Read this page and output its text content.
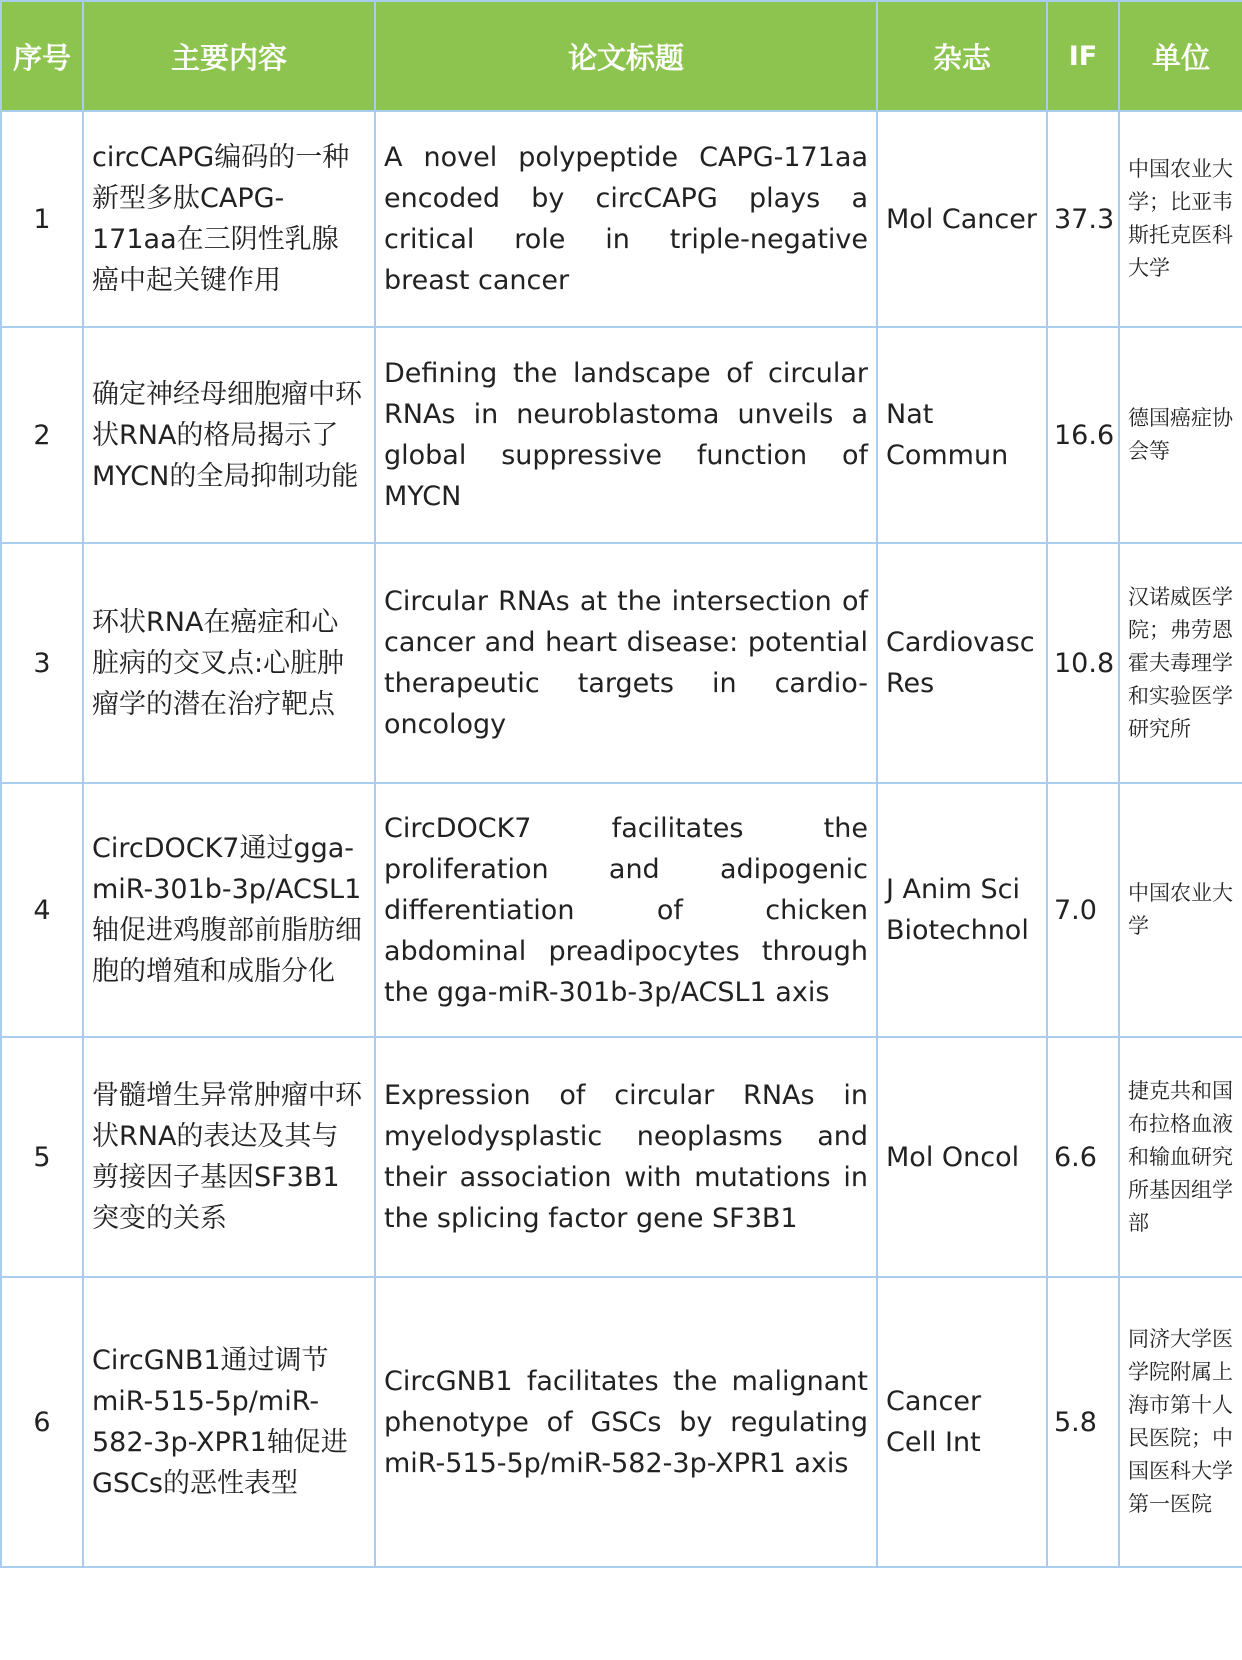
序号	主要内容	论文标题	杂志	IF	单位
1	circCAPG编码的一种新型多肽CAPG-171aa在三阴性乳腺癌中起关键作用	A novel polypeptide CAPG-171aa encoded by circCAPG plays a critical role in triple-negative breast cancer	Mol Cancer	37.3	中国农业大学；比亚韦斯托克医科大学
2	确定神经母细胞瘤中环状RNA的格局揭示了MYCN的全局抑制功能	Defining the landscape of circular RNAs in neuroblastoma unveils a global suppressive function of MYCN	Nat Commun	16.6	德国癌症协会等
3	环状RNA在癌症和心脏病的交叉点:心脏肿瘤学的潜在治疗靶点	Circular RNAs at the intersection of cancer and heart disease: potential therapeutic targets in cardio-oncology	Cardiovasc Res	10.8	汉诺威医学院；弗劳恩霍夫毒理学和实验医学研究所
4	CircDOCK7通过gga-miR-301b-3p/ACSL1轴促进鸡腹部前脂肪细胞的增殖和成脂分化	CircDOCK7 facilitates the proliferation and adipogenic differentiation of chicken abdominal preadipocytes through the gga-miR-301b-3p/ACSL1 axis	J Anim Sci Biotechnol	7.0	中国农业大学
5	骨髓增生异常肿瘤中环状RNA的表达及其与剪接因子基因SF3B1突变的关系	Expression of circular RNAs in myelodysplastic neoplasms and their association with mutations in the splicing factor gene SF3B1	Mol Oncol	6.6	捷克共和国布拉格血液和输血研究所基因组学部
6	CircGNB1通过调节miR-515-5p/miR-582-3p-XPR1轴促进GSCs的恶性表型	CircGNB1 facilitates the malignant phenotype of GSCs by regulating miR-515-5p/miR-582-3p-XPR1 axis	Cancer Cell Int	5.8	同济大学医学院附属上海市第十人民医院；中国医科大学第一医院
